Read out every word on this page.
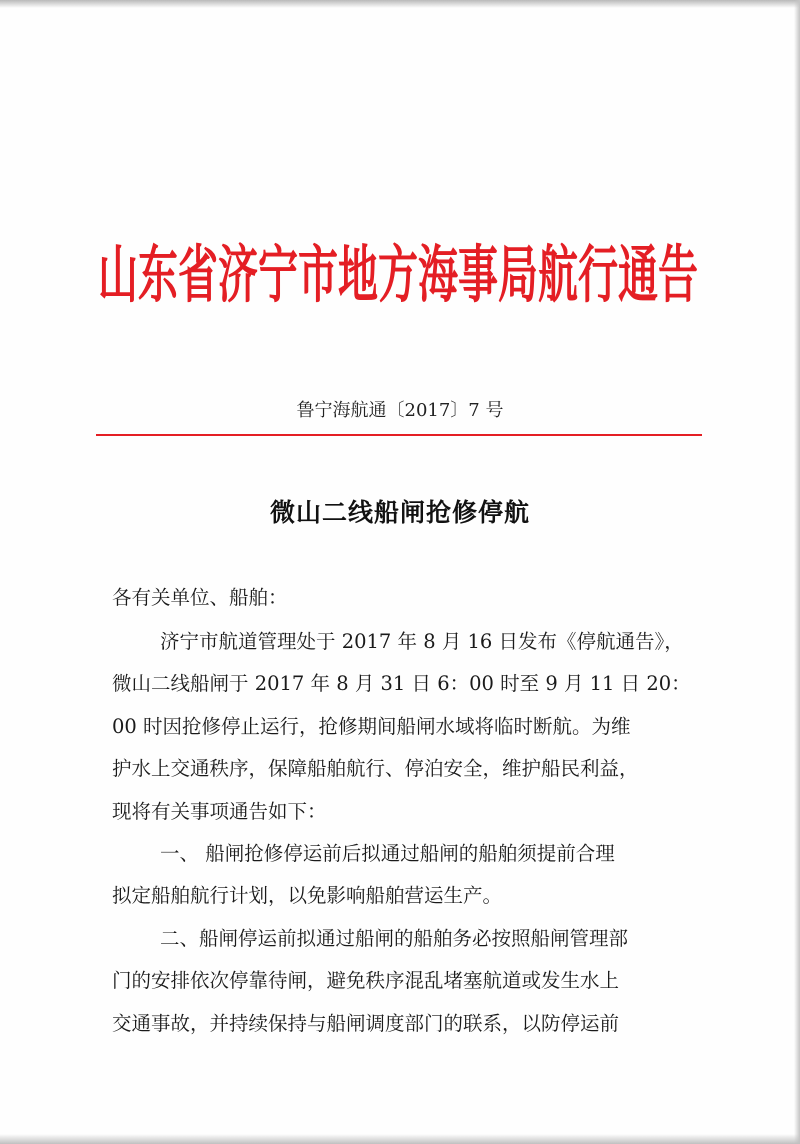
山东省济宁市地方海事局航行通告
鲁宁海航通〔2017〕7 号
微山二线船闸抢修停航
各有关单位、船舶：
济宁市航道管理处于 2017 年 8 月 16 日发布《停航通告》，
微山二线船闸于 2017 年 8 月 31 日 6：00 时至 9 月 11 日 20：
00 时因抢修停止运行，抢修期间船闸水域将临时断航。为维
护水上交通秩序，保障船舶航行、停泊安全，维护船民利益，
现将有关事项通告如下：
一、 船闸抢修停运前后拟通过船闸的船舶须提前合理
拟定船舶航行计划，以免影响船舶营运生产。
二、船闸停运前拟通过船闸的船舶务必按照船闸管理部
门的安排依次停靠待闸，避免秩序混乱堵塞航道或发生水上
交通事故，并持续保持与船闸调度部门的联系，以防停运前
